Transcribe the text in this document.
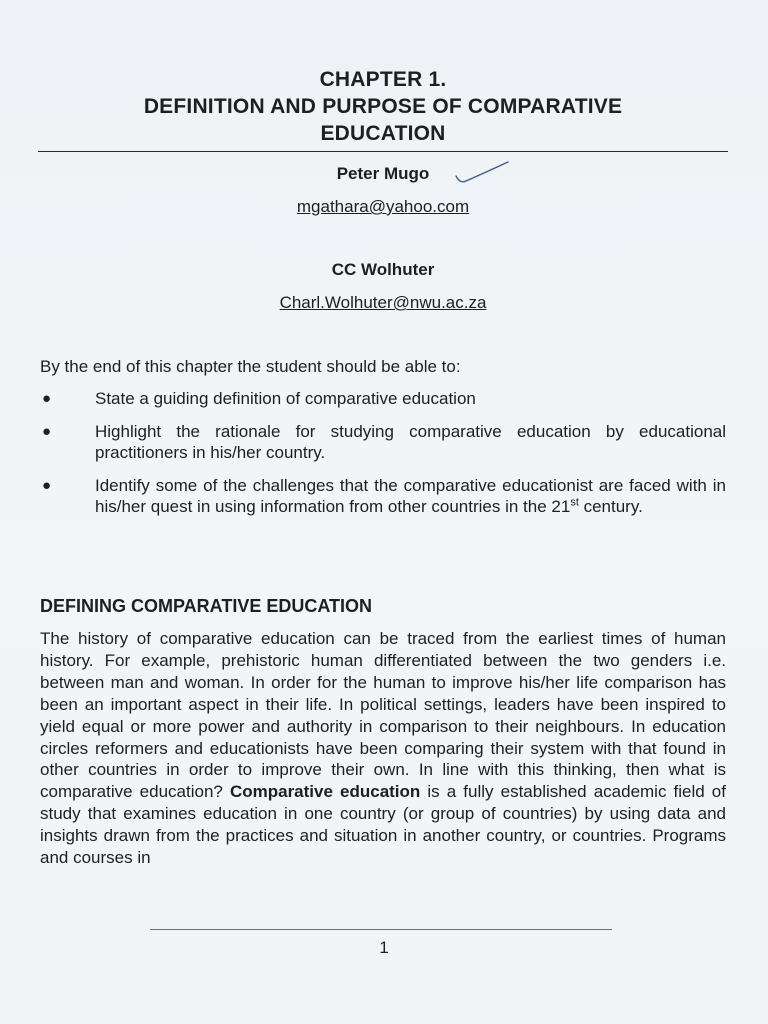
CHAPTER 1.
DEFINITION AND PURPOSE OF COMPARATIVE
EDUCATION
Peter Mugo
mgathara@yahoo.com
CC Wolhuter
Charl.Wolhuter@nwu.ac.za
By the end of this chapter the student should be able to:
●	State a guiding definition of comparative education
●	Highlight the rationale for studying comparative education by educational practitioners in his/her country.
●	Identify some of the challenges that the comparative educationist are faced with in his/her quest in using information from other countries in the 21st century.
DEFINING COMPARATIVE EDUCATION

The history of comparative education can be traced from the earliest times of human history. For example, prehistoric human differentiated between the two genders i.e. between man and woman. In order for the human to improve his/her life comparison has been an important aspect in their life. In political settings, leaders have been inspired to yield equal or more power and authority in comparison to their neighbours. In education circles reformers and educationists have been comparing their system with that found in other countries in order to improve their own. In line with this thinking, then what is comparative education? Comparative education is a fully established academic field of study that examines education in one country (or group of countries) by using data and insights drawn from the practices and situation in another country, or countries. Programs and courses in

1
